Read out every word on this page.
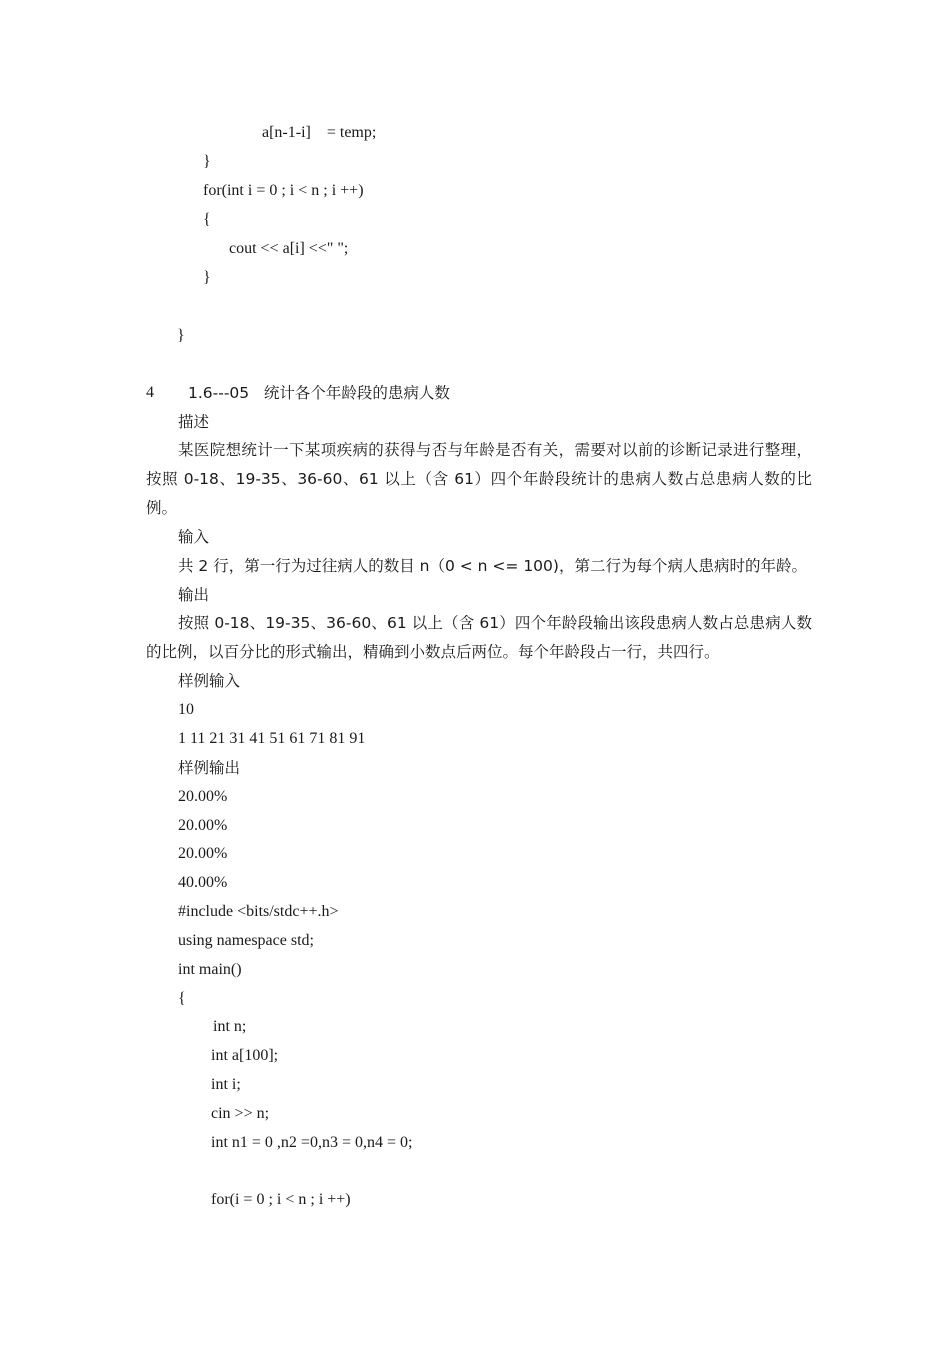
a[n-1-i]    = temp;
}
for(int i = 0 ; i < n ; i ++)
{
cout << a[i] <<" ";
}
}
4 1.6---05   统计各个年龄段的患病人数
描述
某医院想统计一下某项疾病的获得与否与年龄是否有关，需要对以前的诊断记录进行整理，按照 0-18、19-35、36-60、61 以上（含 61）四个年龄段统计的患病人数占总患病人数的比例。
输入
共 2 行，第一行为过往病人的数目 n（0 < n <= 100)，第二行为每个病人患病时的年龄。
输出
按照 0-18、19-35、36-60、61 以上（含 61）四个年龄段输出该段患病人数占总患病人数的比例，以百分比的形式输出，精确到小数点后两位。每个年龄段占一行，共四行。
样例输入
10
1 11 21 31 41 51 61 71 81 91
样例输出
20.00%
20.00%
20.00%
40.00%
#include <bits/stdc++.h>
using namespace std;
int main()
{
int n;
int a[100];
int i;
cin >> n;
int n1 = 0 ,n2 =0,n3 = 0,n4 = 0;
for(i = 0 ; i < n ; i ++)
